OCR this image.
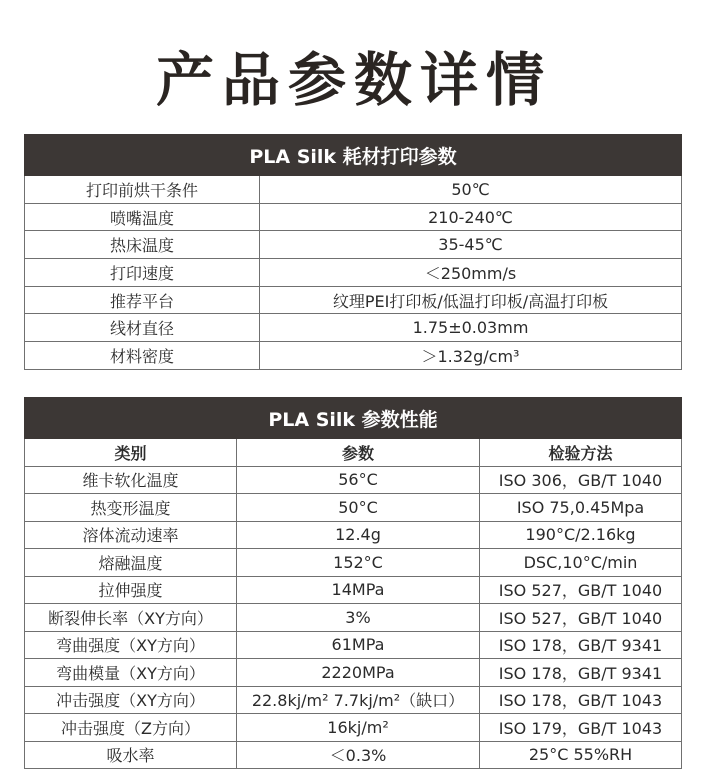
产品参数详情
PLA Silk 耗材打印参数	
打印前烘干条件	50℃
喷嘴温度	210-240℃
热床温度	35-45℃
打印速度	＜250mm/s
推荐平台	纹理PEI打印板/低温打印板/高温打印板
线材直径	1.75±0.03mm
材料密度	＞1.32g/cm³
PLA Silk 参数性能		
类别	参数	检验方法
维卡软化温度	56°C	ISO 306，GB/T 1040
热变形温度	50°C	ISO 75,0.45Mpa
溶体流动速率	12.4g	190°C/2.16kg
熔融温度	152°C	DSC,10°C/min
拉伸强度	14MPa	ISO 527，GB/T 1040
断裂伸长率（XY方向）	3%	ISO 527，GB/T 1040
弯曲强度（XY方向）	61MPa	ISO 178，GB/T 9341
弯曲模量（XY方向）	2220MPa	ISO 178，GB/T 9341
冲击强度（XY方向）	22.8kj/m² 7.7kj/m²（缺口）	ISO 178，GB/T 1043
冲击强度（Z方向）	16kj/m²	ISO 179，GB/T 1043
吸水率	＜0.3%	25°C 55%RH
